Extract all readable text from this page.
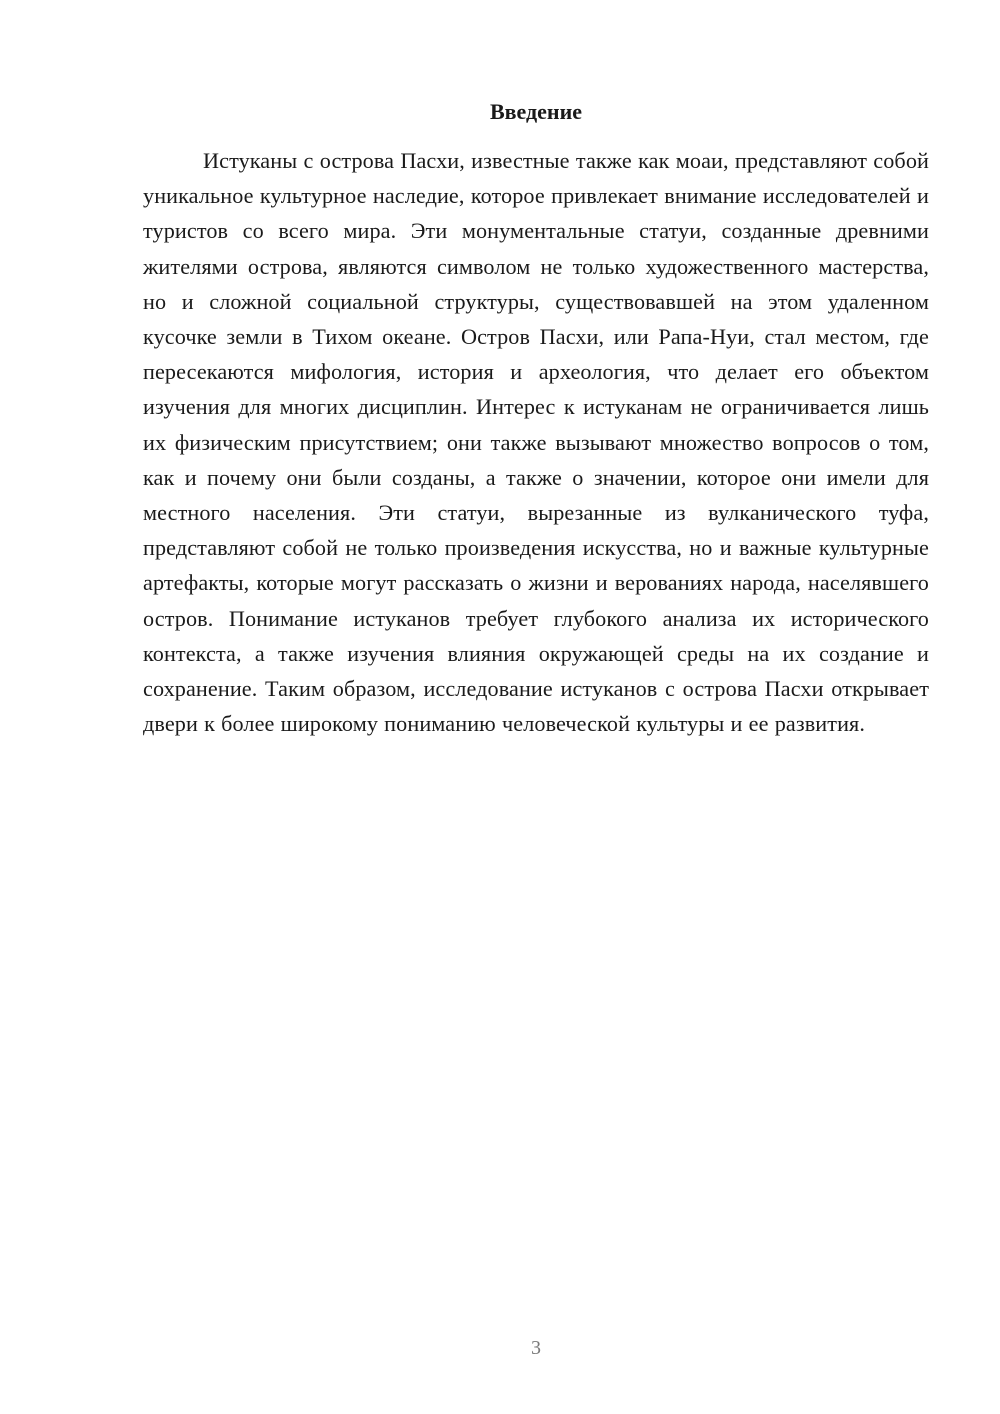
Введение

Истуканы с острова Пасхи, известные также как моаи, представляют собой уникальное культурное наследие, которое привлекает внимание исследователей и туристов со всего мира. Эти монументальные статуи, созданные древними жителями острова, являются символом не только художественного мастерства, но и сложной социальной структуры, существовавшей на этом удаленном кусочке земли в Тихом океане. Остров Пасхи, или Рапа-Нуи, стал местом, где пересекаются мифология, история и археология, что делает его объектом изучения для многих дисциплин. Интерес к истуканам не ограничивается лишь их физическим присутствием; они также вызывают множество вопросов о том, как и почему они были созданы, а также о значении, которое они имели для местного населения. Эти статуи, вырезанные из вулканического туфа, представляют собой не только произведения искусства, но и важные культурные артефакты, которые могут рассказать о жизни и верованиях народа, населявшего остров. Понимание истуканов требует глубокого анализа их исторического контекста, а также изучения влияния окружающей среды на их создание и сохранение. Таким образом, исследование истуканов с острова Пасхи открывает двери к более широкому пониманию человеческой культуры и ее развития.

3
